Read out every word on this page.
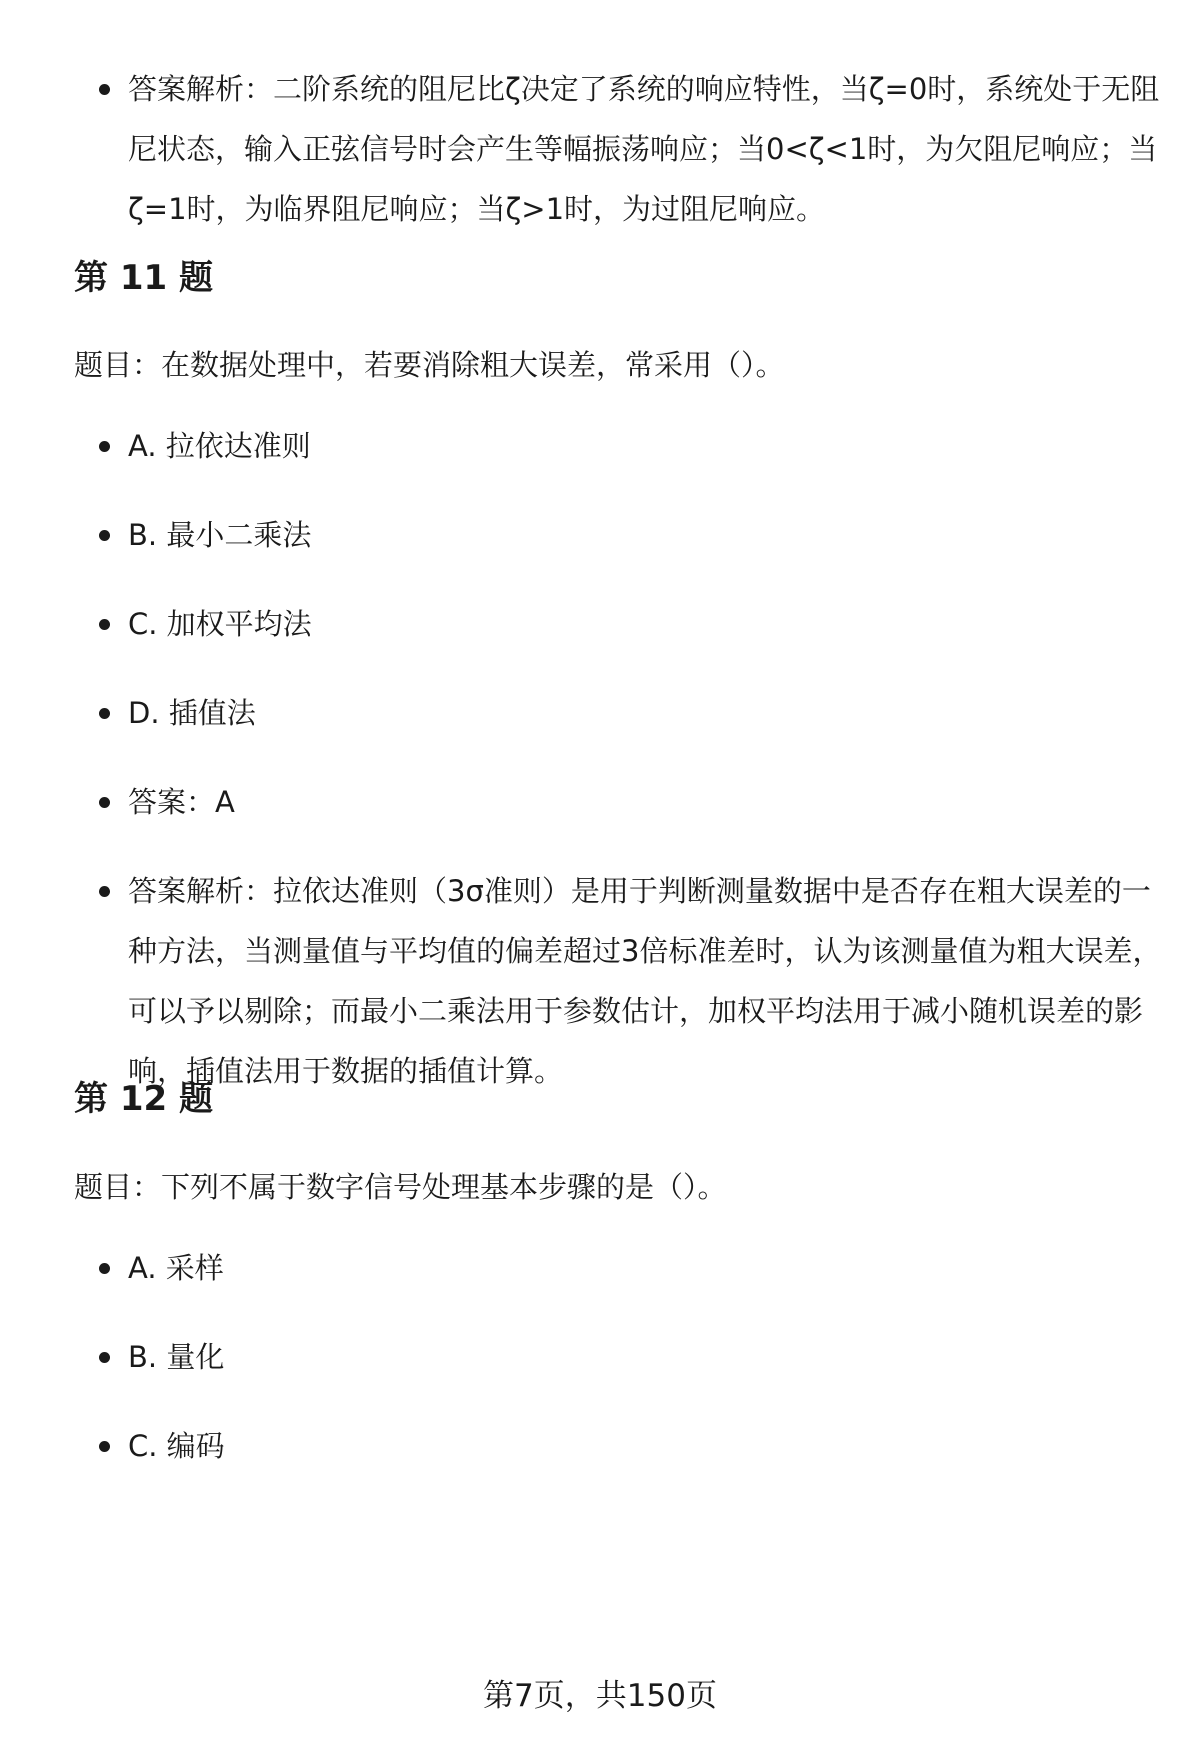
答案解析：二阶系统的阻尼比ζ决定了系统的响应特性，当ζ=0时，系统处于无阻尼状态，输入正弦信号时会产生等幅振荡响应；当0<ζ<1时，为欠阻尼响应；当ζ=1时，为临界阻尼响应；当ζ>1时，为过阻尼响应。
第 11 题

题目：在数据处理中，若要消除粗大误差，常采用（）。

A. 拉依达准则
B. 最小二乘法
C. 加权平均法
D. 插值法
答案：A
答案解析：拉依达准则（3σ准则）是用于判断测量数据中是否存在粗大误差的一种方法，当测量值与平均值的偏差超过3倍标准差时，认为该测量值为粗大误差，可以予以剔除；而最小二乘法用于参数估计，加权平均法用于减小随机误差的影响，插值法用于数据的插值计算。
第 12 题

题目：下列不属于数字信号处理基本步骤的是（）。

A. 采样
B. 量化
C. 编码
第7页，共150页
